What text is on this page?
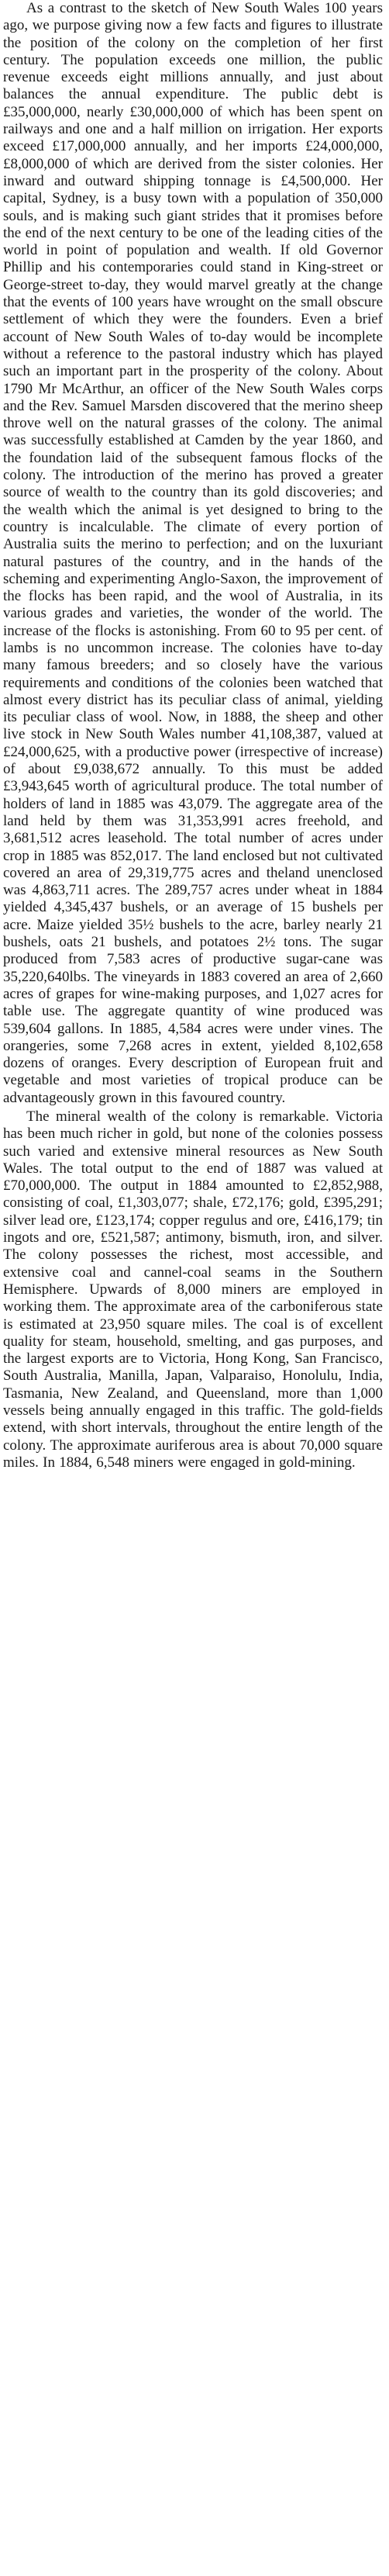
As a contrast to the sketch of New South Wales 100 years ago, we purpose giving now a few facts and figures to illustrate the position of the colony on the completion of her first century. The population exceeds one million, the public revenue exceeds eight millions annually, and just about balances the annual expenditure. The public debt is £35,000,000, nearly £30,000,000 of which has been spent on railways and one and a half million on irrigation. Her exports exceed £17,000,000 annually, and her imports £24,000,000, £8,000,000 of which are derived from the sister colonies. Her inward and outward shipping tonnage is £4,500,000. Her capital, Sydney, is a busy town with a population of 350,000 souls, and is making such giant strides that it promises before the end of the next century to be one of the leading cities of the world in point of population and wealth. If old Governor Phillip and his contemporaries could stand in King-street or George-street to-day, they would marvel greatly at the change that the events of 100 years have wrought on the small obscure settlement of which they were the founders. Even a brief account of New South Wales of to-day would be incomplete without a reference to the pastoral industry which has played such an important part in the prosperity of the colony. About 1790 Mr McArthur, an officer of the New South Wales corps and the Rev. Samuel Marsden discovered that the merino sheep throve well on the natural grasses of the colony. The animal was successfully established at Camden by the year 1860, and the foundation laid of the subsequent famous flocks of the colony. The introduction of the merino has proved a greater source of wealth to the country than its gold discoveries; and the wealth which the animal is yet designed to bring to the country is incalculable. The climate of every portion of Australia suits the merino to perfection; and on the luxuriant natural pastures of the country, and in the hands of the scheming and experimenting Anglo-Saxon, the improvement of the flocks has been rapid, and the wool of Australia, in its various grades and varieties, the wonder of the world. The increase of the flocks is astonishing. From 60 to 95 per cent. of lambs is no uncommon increase. The colonies have to-day many famous breeders; and so closely have the various requirements and conditions of the colonies been watched that almost every district has its peculiar class of animal, yielding its peculiar class of wool. Now, in 1888, the sheep and other live stock in New South Wales number 41,108,387, valued at £24,000,625, with a productive power (irrespective of increase) of about £9,038,672 annually. To this must be added £3,943,645 worth of agricultural produce. The total number of holders of land in 1885 was 43,079. The aggregate area of the land held by them was 31,353,991 acres freehold, and 3,681,512 acres leasehold. The total number of acres under crop in 1885 was 852,017. The land enclosed but not cultivated covered an area of 29,319,775 acres and theland unenclosed was 4,863,711 acres. The 289,757 acres under wheat in 1884 yielded 4,345,437 bushels, or an average of 15 bushels per acre. Maize yielded 35½ bushels to the acre, barley nearly 21 bushels, oats 21 bushels, and potatoes 2½ tons. The sugar produced from 7,583 acres of productive sugar-cane was 35,220,640lbs. The vineyards in 1883 covered an area of 2,660 acres of grapes for wine-making purposes, and 1,027 acres for table use. The aggregate quantity of wine produced was 539,604 gallons. In 1885, 4,584 acres were under vines. The orangeries, some 7,268 acres in extent, yielded 8,102,658 dozens of oranges. Every description of European fruit and vegetable and most varieties of tropical produce can be advantageously grown in this favoured country.

The mineral wealth of the colony is remarkable. Victoria has been much richer in gold, but none of the colonies possess such varied and extensive mineral resources as New South Wales. The total output to the end of 1887 was valued at £70,000,000. The output in 1884 amounted to £2,852,988, consisting of coal, £1,303,077; shale, £72,176; gold, £395,291; silver lead ore, £123,174; copper regulus and ore, £416,179; tin ingots and ore, £521,587; antimony, bismuth, iron, and silver. The colony possesses the richest, most accessible, and extensive coal and cannel-coal seams in the Southern Hemisphere. Upwards of 8,000 miners are employed in working them. The approximate area of the carboniferous state is estimated at 23,950 square miles. The coal is of excellent quality for steam, household, smelting, and gas purposes, and the largest exports are to Victoria, Hong Kong, San Francisco, South Australia, Manilla, Japan, Valparaiso, Honolulu, India, Tasmania, New Zealand, and Queensland, more than 1,000 vessels being annually engaged in this traffic. The gold-fields extend, with short intervals, throughout the entire length of the colony. The approximate auriferous area is about 70,000 square miles. In 1884, 6,548 miners were engaged in gold-mining.
